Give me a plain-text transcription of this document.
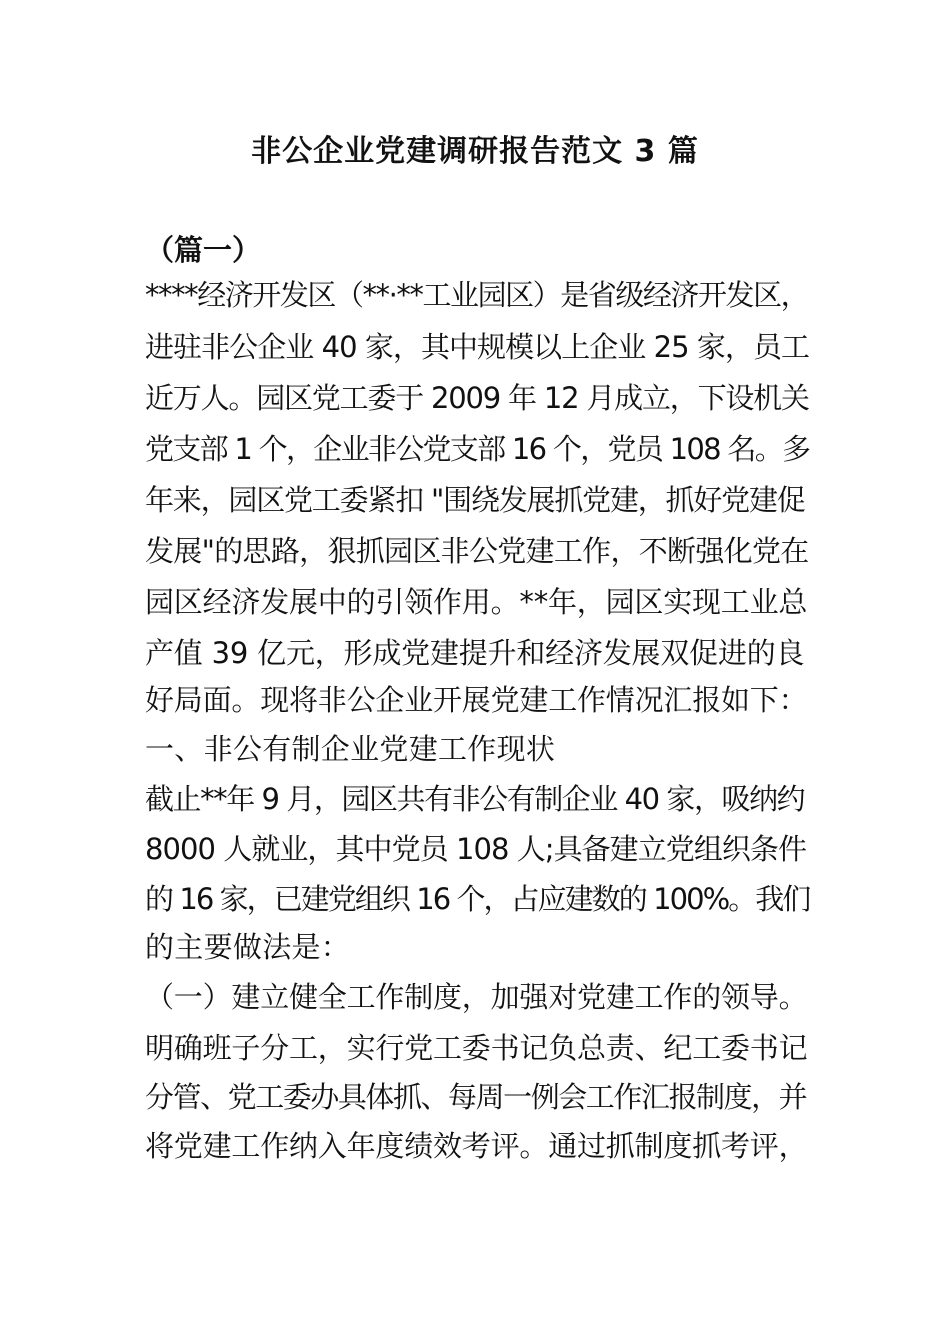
非公企业党建调研报告范文 3 篇
（篇一）
****经济开发区（**·**工业园区）是省级经济开发区，
进驻非公企业 40 家，其中规模以上企业 25 家，员工
近万人。园区党工委于 2009 年 12 月成立，下设机关
党支部 1 个，企业非公党支部 16 个，党员 108 名。多
年来，园区党工委紧扣 "围绕发展抓党建，抓好党建促
发展"的思路，狠抓园区非公党建工作，不断强化党在
园区经济发展中的引领作用。**年，园区实现工业总
产值 39 亿元，形成党建提升和经济发展双促进的良
好局面。现将非公企业开展党建工作情况汇报如下：
一、非公有制企业党建工作现状
截止**年 9 月，园区共有非公有制企业 40 家，吸纳约
8000 人就业，其中党员 108 人;具备建立党组织条件
的 16 家，已建党组织 16 个，占应建数的 100%。我们
的主要做法是：
（一）建立健全工作制度，加强对党建工作的领导。
明确班子分工，实行党工委书记负总责、纪工委书记
分管、党工委办具体抓、每周一例会工作汇报制度，并
将党建工作纳入年度绩效考评。通过抓制度抓考评，
